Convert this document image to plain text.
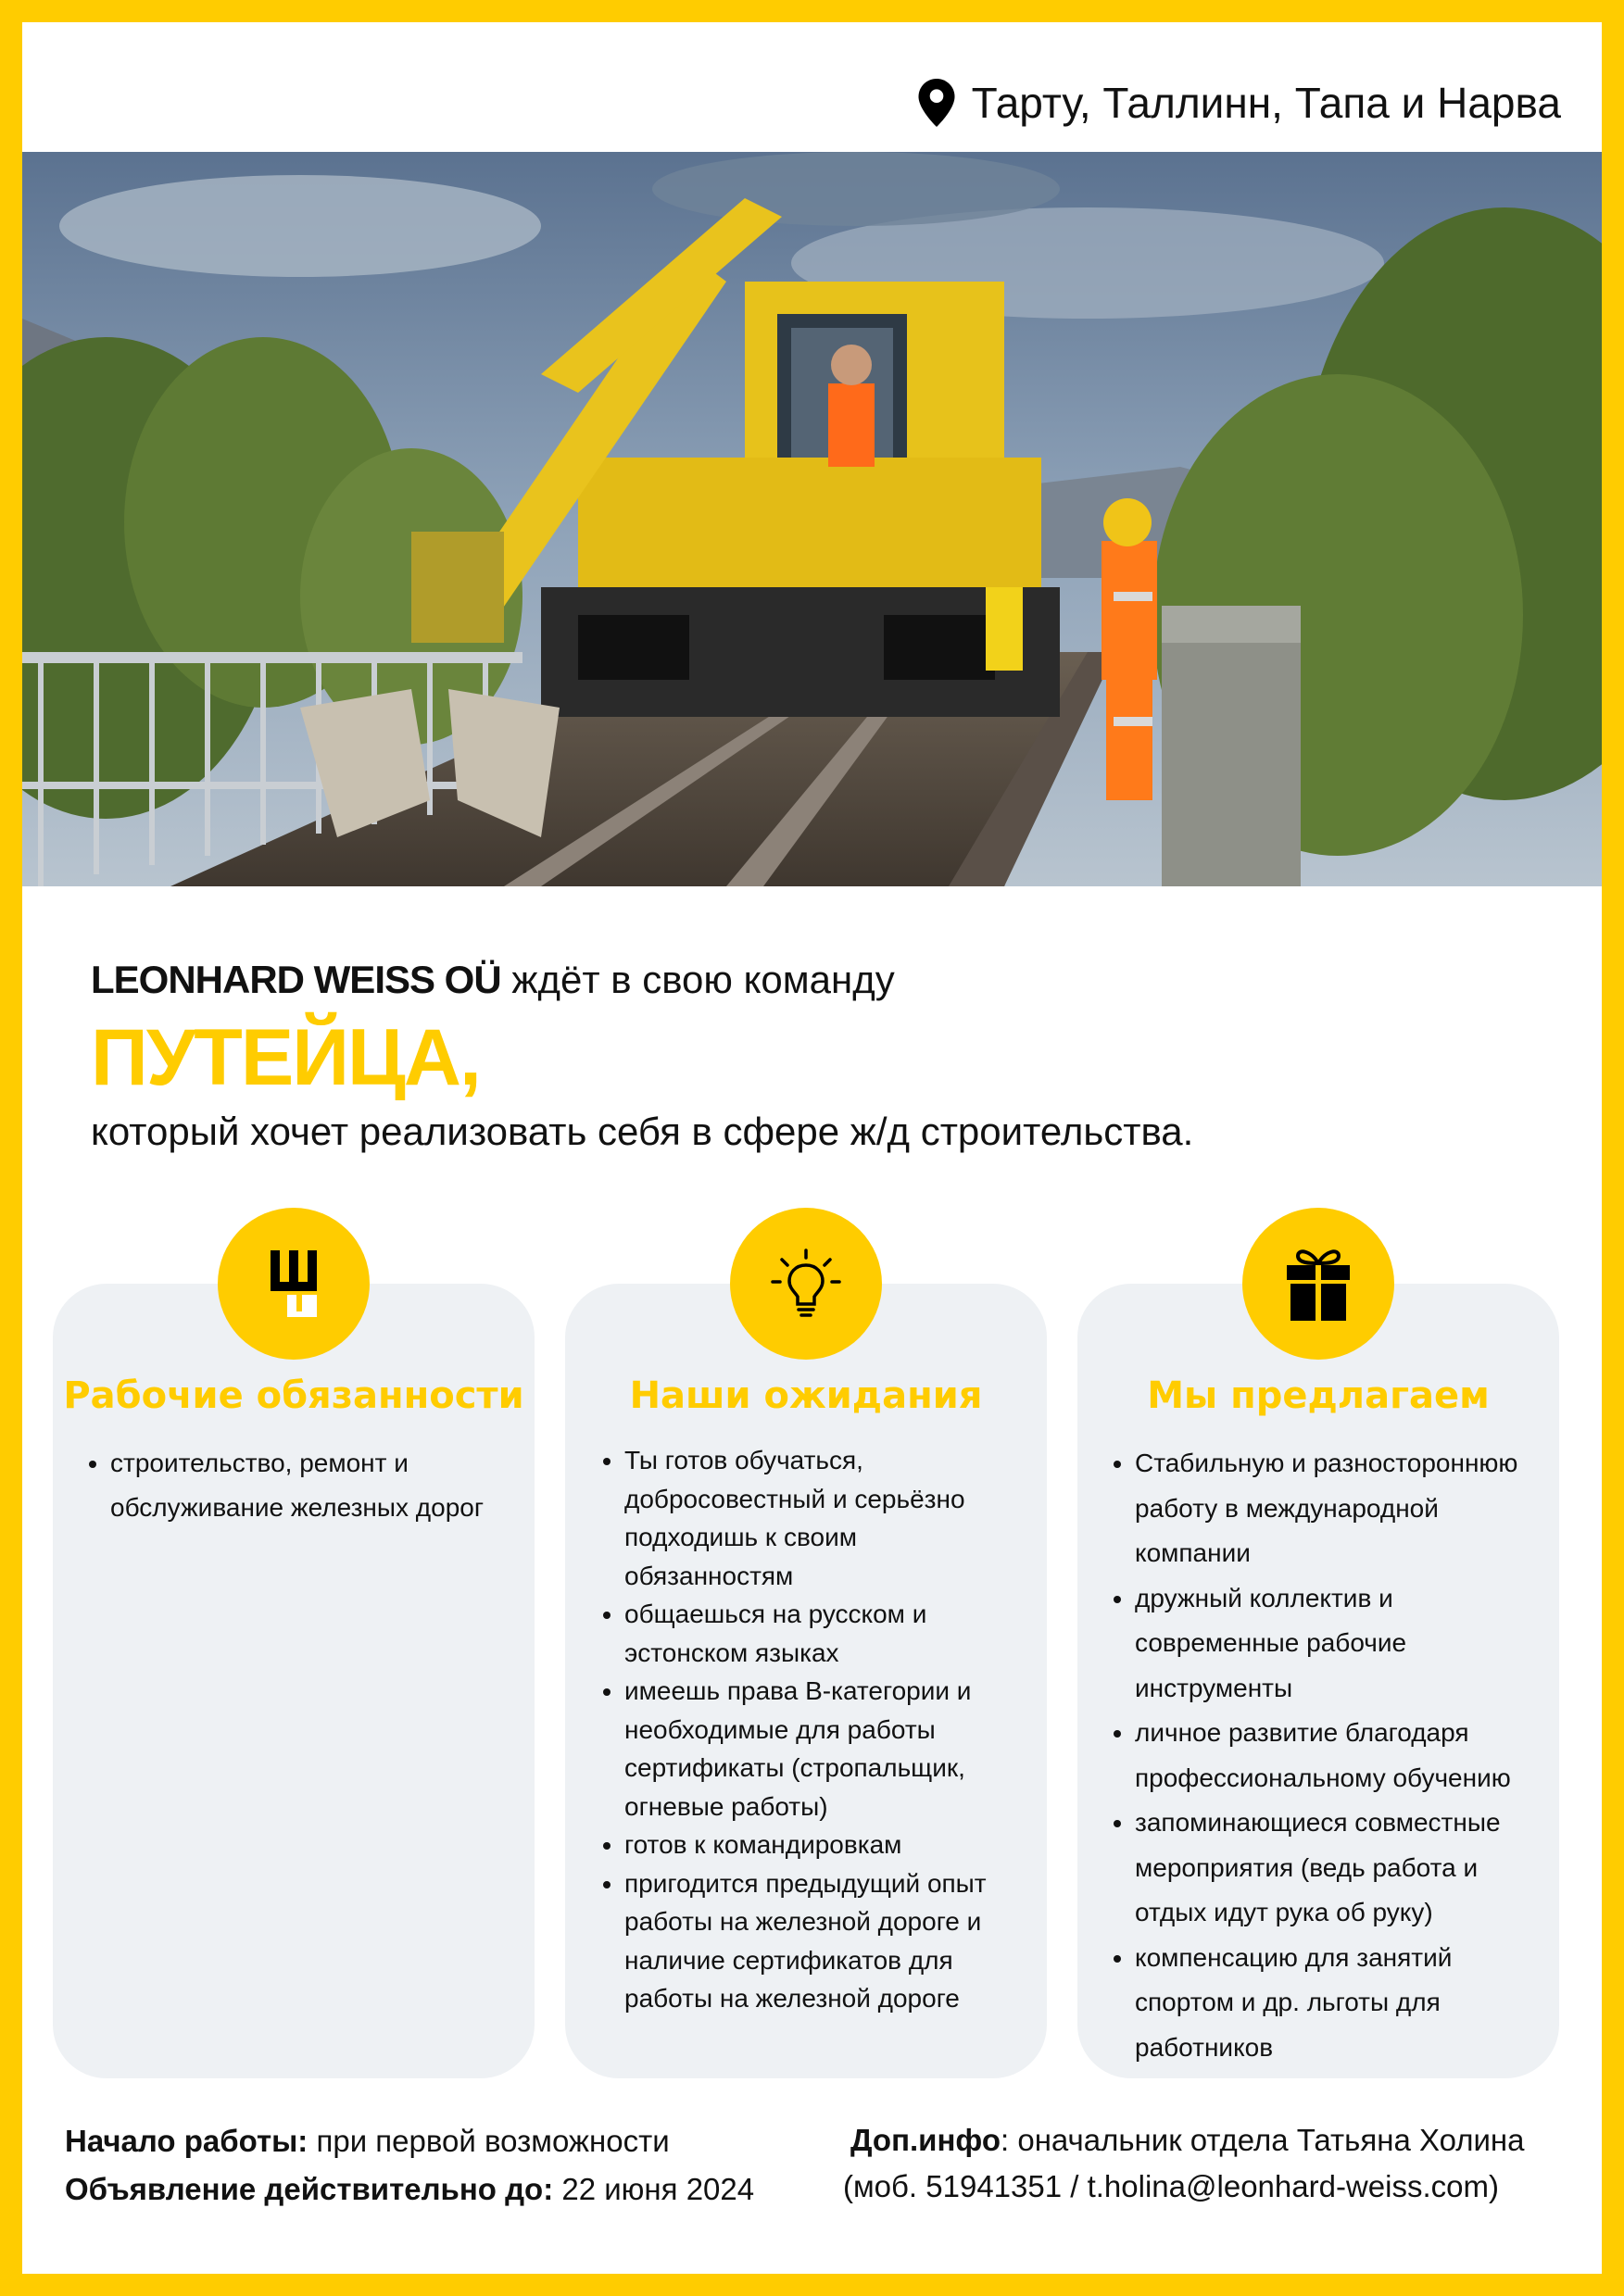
Тарту, Таллинн, Тапа и Нарва
LEONHARD WEISS OÜ ждёт в свою команду
ПУТЕЙЦА,
который хочет реализовать себя в сфере ж/д строительства.
Рабочие обязанности
• строительство, ремонт и обслуживание железных дорог
Наши ожидания
• Ты готов обучаться, добросовестный и серьёзно подходишь к своим обязанностям
• общаешься на русском и эстонском языках
• имеешь права B-категории и необходимые для работы сертификаты (стропальщик, огневые работы)
• готов к командировкам
• пригодится предыдущий опыт работы на железной дороге и наличие сертификатов для работы на железной дороге
Мы предлагаем
• Стабильную и разностороннюю работу в международной компании
• дружный коллектив и современные рабочие инструменты
• личное развитие благодаря профессиональному обучению
• запоминающиеся совместные мероприятия (ведь работа и отдых идут рука об руку)
• компенсацию для занятий спортом и др. льготы для работников
Начало работы: при первой возможности
Объявление действительно до: 22 июня 2024
Доп.инфо: оначальник отдела Татьяна Холина
(моб. 51941351 / t.holina@leonhard-weiss.com)
